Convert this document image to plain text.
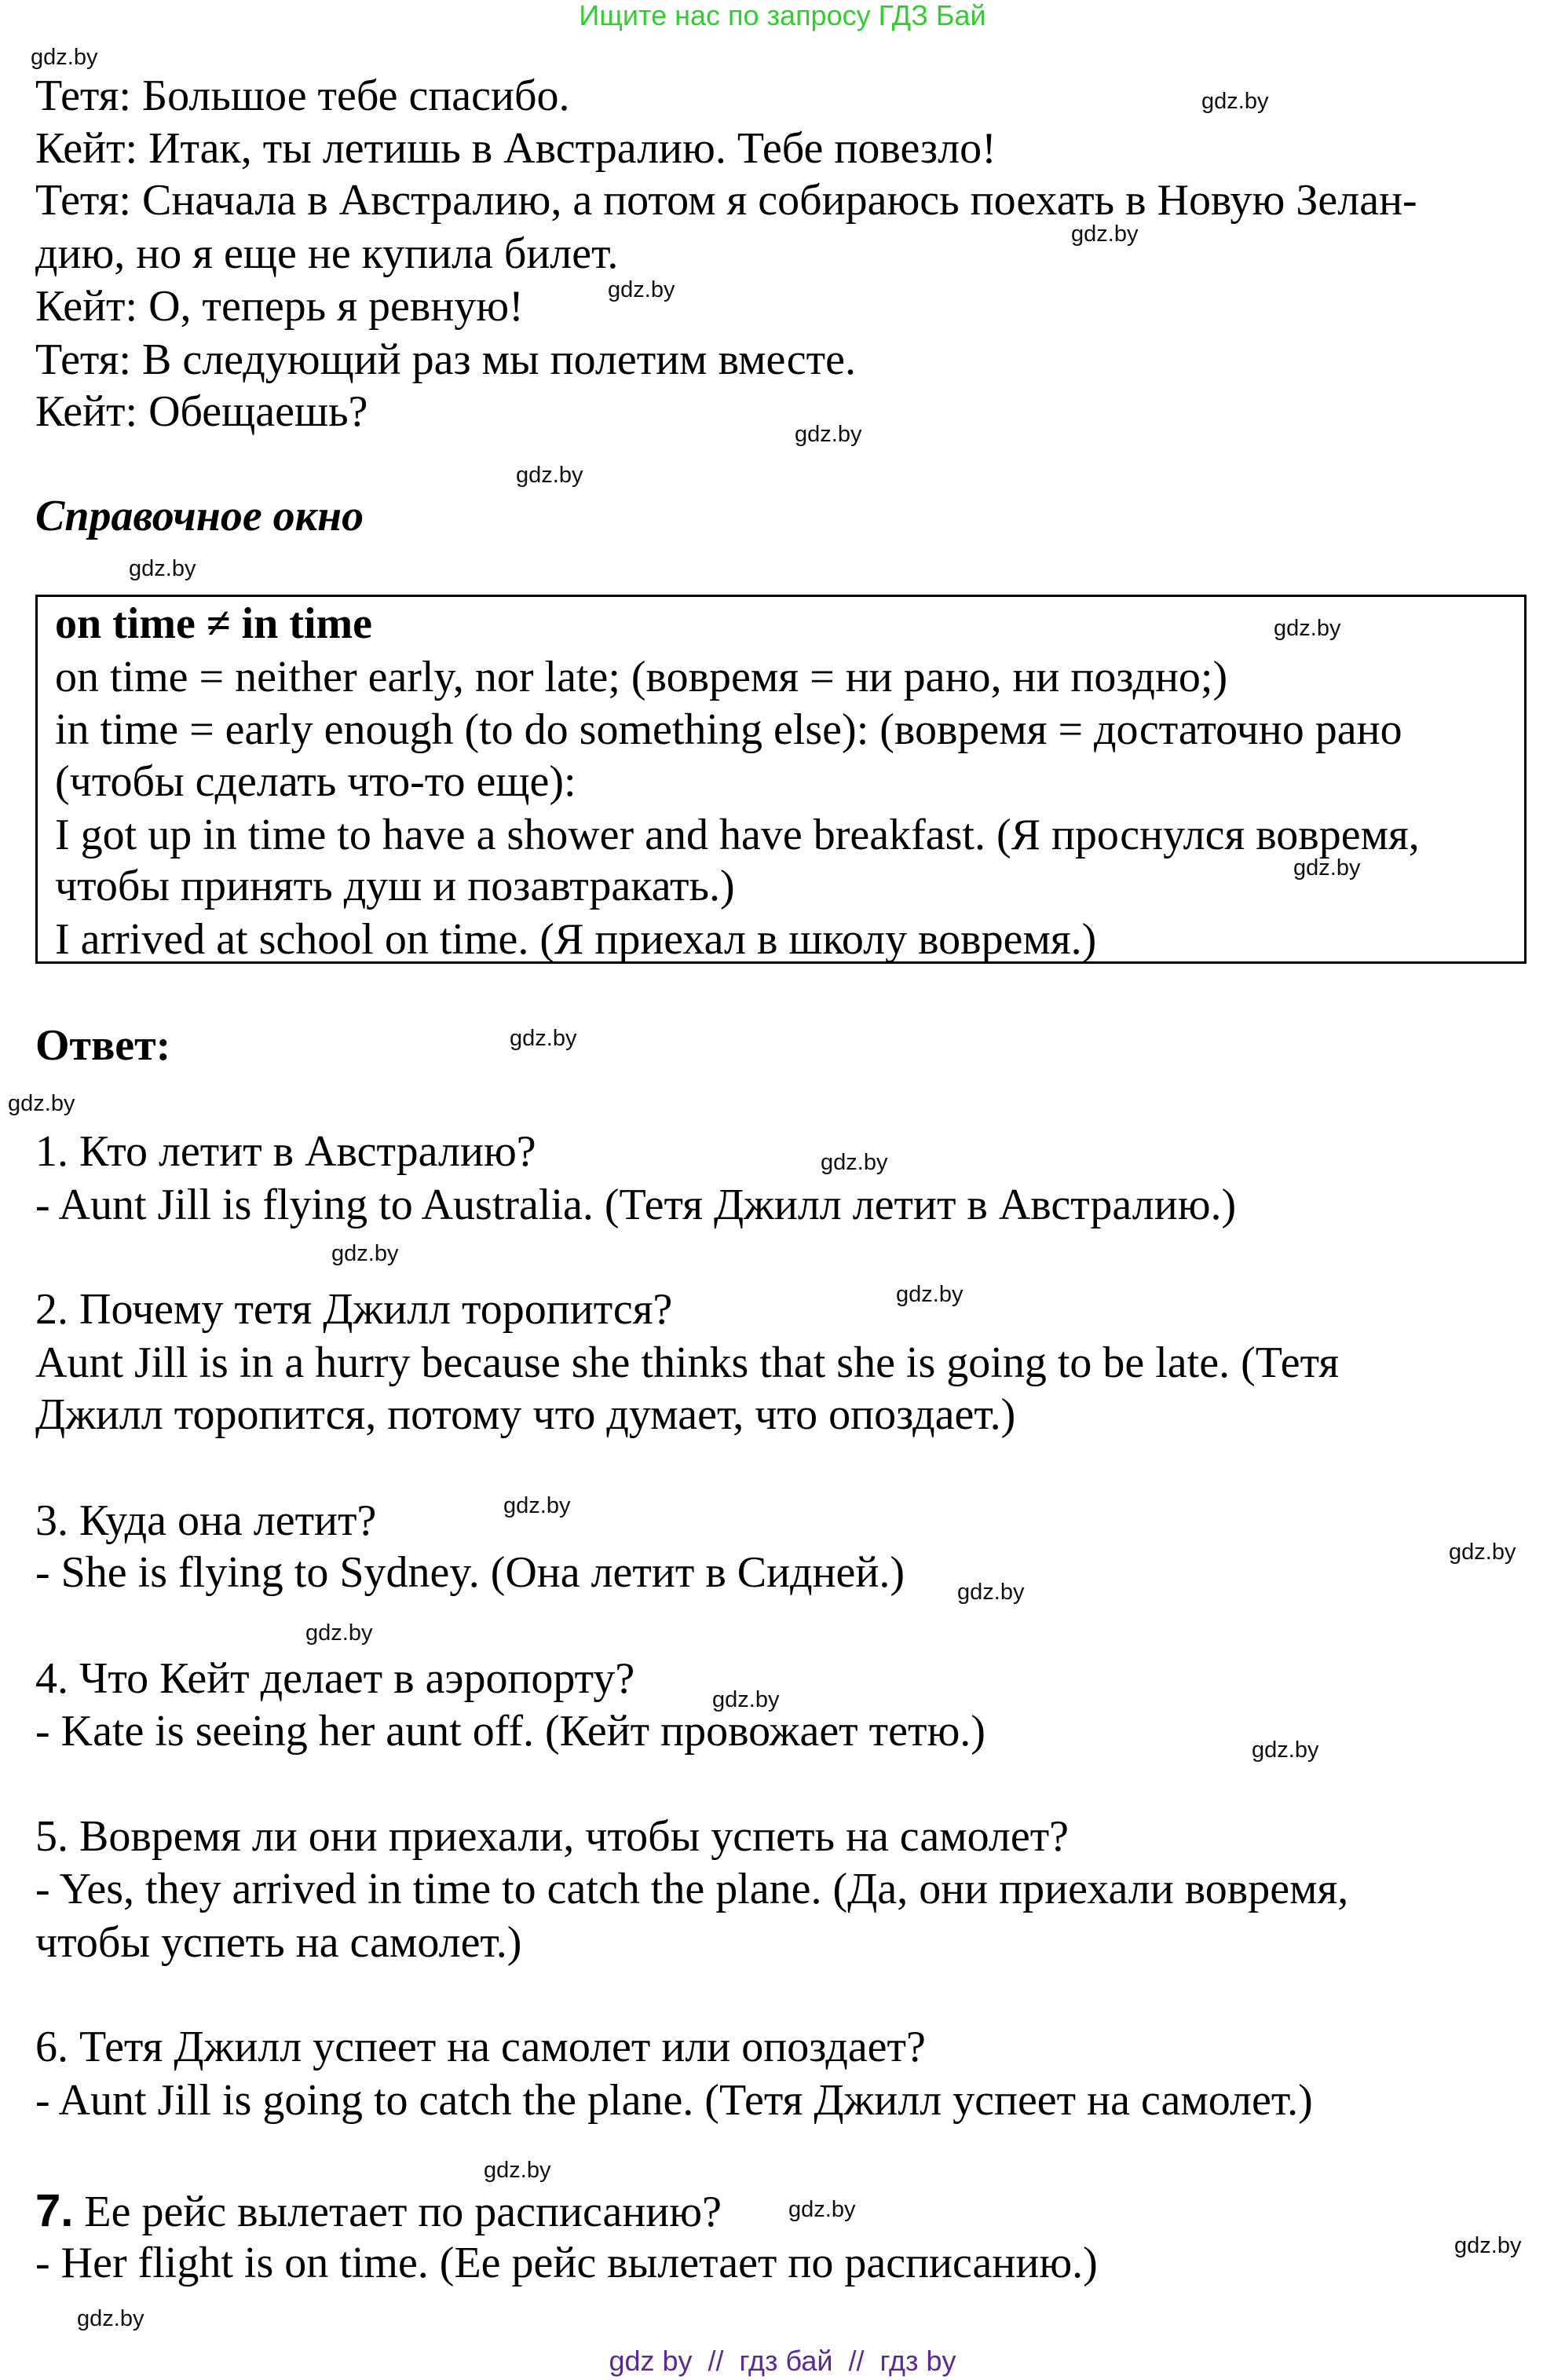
Ищите нас по запросу ГДЗ Бай
Тетя: Большое тебе спасибо.
Кейт: Итак, ты летишь в Австралию. Тебе повезло!
Тетя: Сначала в Австралию, а потом я собираюсь поехать в Новую Зелан-
дию, но я еще не купила билет.
Кейт: О, теперь я ревную!
Тетя: В следующий раз мы полетим вместе.
Кейт: Обещаешь?
Справочное окно
on time ≠ in time
on time = neither early, nor late; (вовремя = ни рано, ни поздно;)
in time = early enough (to do something else): (вовремя = достаточно рано
(чтобы сделать что-то еще):
I got up in time to have a shower and have breakfast. (Я проснулся вовремя,
чтобы принять душ и позавтракать.)
I arrived at school on time. (Я приехал в школу вовремя.)
Ответ:
1. Кто летит в Австралию?
- Aunt Jill is flying to Australia. (Тетя Джилл летит в Австралию.)
2. Почему тетя Джилл торопится?
Aunt Jill is in a hurry because she thinks that she is going to be late. (Тетя
Джилл торопится, потому что думает, что опоздает.)
3. Куда она летит?
- She is flying to Sydney. (Она летит в Сидней.)
4. Что Кейт делает в аэропорту?
- Kate is seeing her aunt off. (Кейт провожает тетю.)
5. Вовремя ли они приехали, чтобы успеть на самолет?
- Yes, they arrived in time to catch the plane. (Да, они приехали вовремя,
чтобы успеть на самолет.)
6. Тетя Джилл успеет на самолет или опоздает?
- Aunt Jill is going to catch the plane. (Тетя Джилл успеет на самолет.)
7. Ее рейс вылетает по расписанию?
- Her flight is on time. (Ее рейс вылетает по расписанию.)
gdz.by
gdz.by
gdz.by
gdz.by
gdz.by
gdz.by
gdz.by
gdz.by
gdz.by
gdz.by
gdz.by
gdz.by
gdz.by
gdz.by
gdz.by
gdz.by
gdz.by
gdz.by
gdz.by
gdz.by
gdz.by
gdz.by
gdz.by
gdz.by
gdz by  //  гдз бай  //  гдз by
